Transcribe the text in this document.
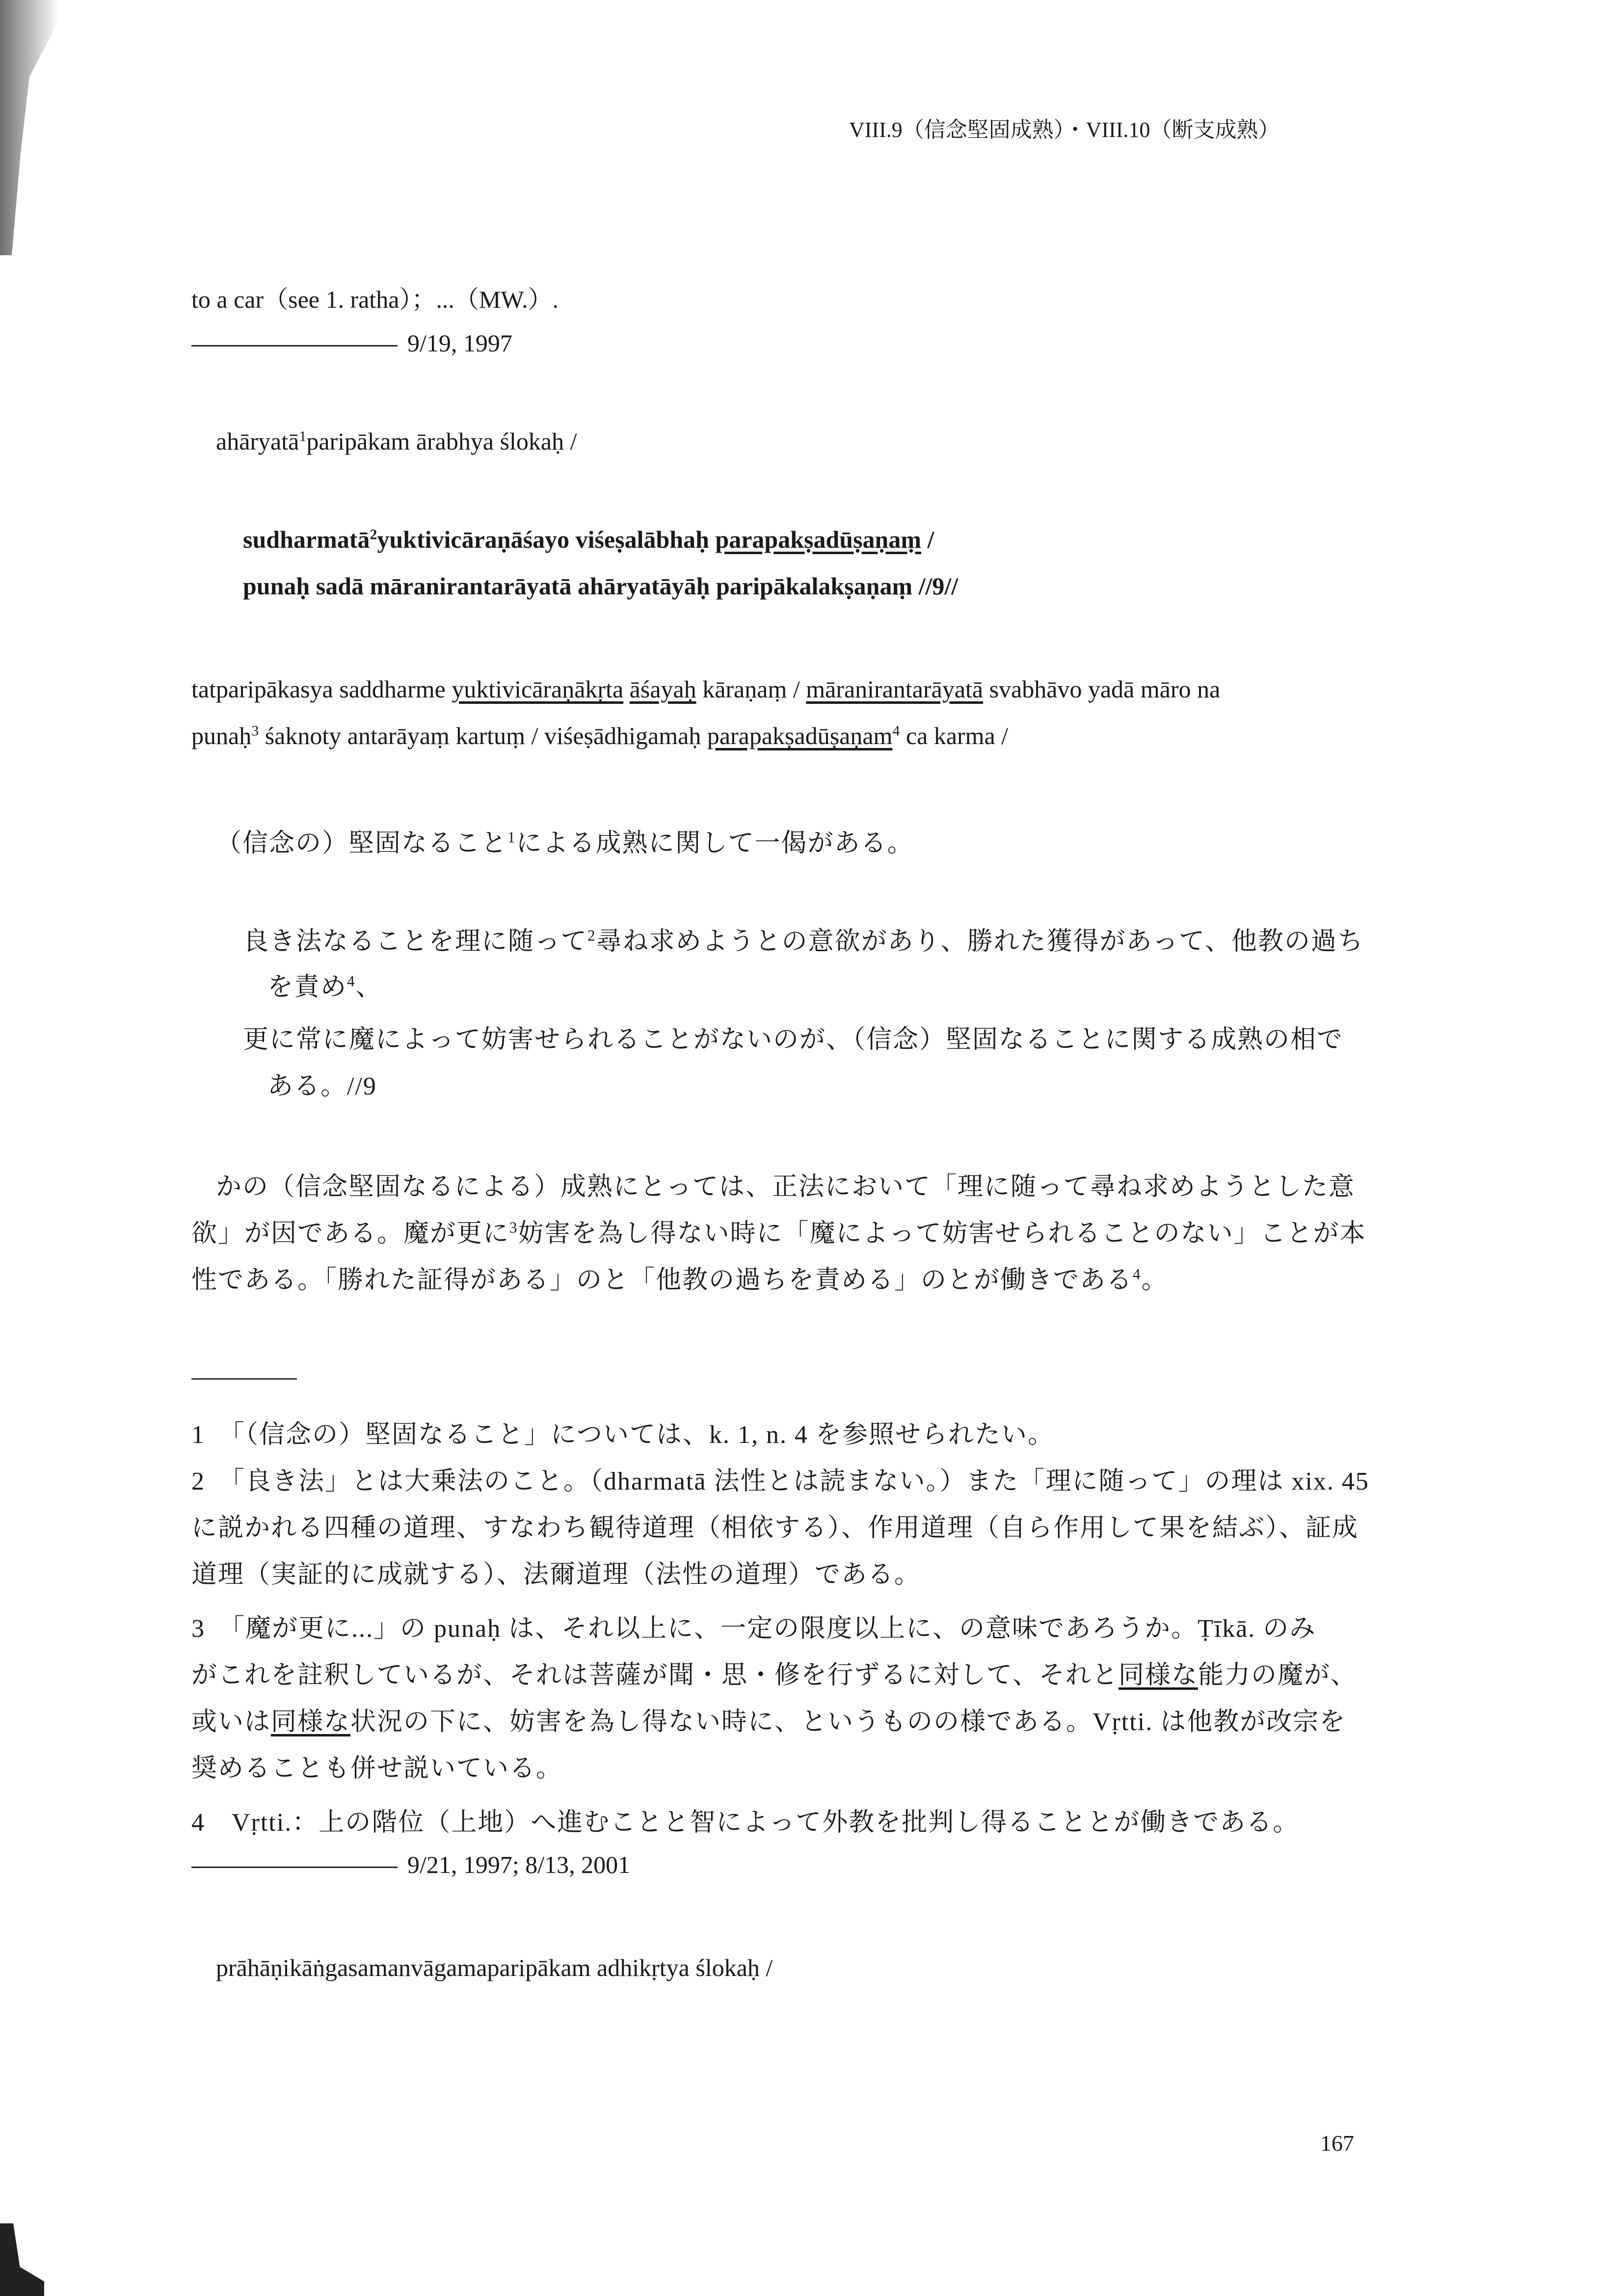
VIII.9（信念堅固成熟）・VIII.10（断支成熟）
to a car（see 1. ratha）；...（MW.）.
9/19, 1997
ahāryatā$^1$paripākam ārabhya ślokaḥ /
sudharmatā$^2$yuktivicāraṇāśayo viśeṣalābhaḥ parapakṣadūṣaṇaṃ /
punaḥ sadā māranirantarāyatā ahāryatāyāḥ paripākalakṣaṇaṃ //9//
tatparipākasya saddharme yuktivicāraṇākṛta āśayaḥ kāraṇaṃ / māranirantarāyatā svabhāvo yadā māro na
punaḥ$^3$ śaknoty antarāyaṃ kartuṃ / viśeṣādhigamaḥ parapakṣadūṣaṇam$^4$ ca karma /
（信念の）堅固なること$^1$による成熟に関して一偈がある。
良き法なることを理に随って$^2$尋ね求めようとの意欲があり、勝れた獲得があって、他教の過ち
を責め$^4$、
更に常に魔によって妨害せられることがないのが、（信念）堅固なることに関する成熟の相で
ある。//9
かの（信念堅固なるによる）成熟にとっては、正法において「理に随って尋ね求めようとした意
欲」が因である。魔が更に$^3$妨害を為し得ない時に「魔によって妨害せられることのない」ことが本
性である。「勝れた証得がある」のと「他教の過ちを責める」のとが働きである$^4$。
1　「（信念の）堅固なること」については、k. 1, n. 4 を参照せられたい。
2　「良き法」とは大乗法のこと。（dharmatā 法性とは読まない。）また「理に随って」の理は xix. 45
に説かれる四種の道理、すなわち観待道理（相依する）、作用道理（自ら作用して果を結ぶ）、証成
道理（実証的に成就する）、法爾道理（法性の道理）である。
3　「魔が更に...」の punaḥ は、それ以上に、一定の限度以上に、の意味であろうか。Ṭīkā. のみ
がこれを註釈しているが、それは菩薩が聞・思・修を行ずるに対して、それと同様な能力の魔が、
或いは同様な状況の下に、妨害を為し得ない時に、というものの様である。Vṛtti. は他教が改宗を
奨めることも併せ説いている。
4　Vṛtti.：上の階位（上地）へ進むことと智によって外教を批判し得ることとが働きである。
9/21, 1997; 8/13, 2001
prāhāṇikāṅgasamanvāgamaparipākam adhikṛtya ślokaḥ /
167
